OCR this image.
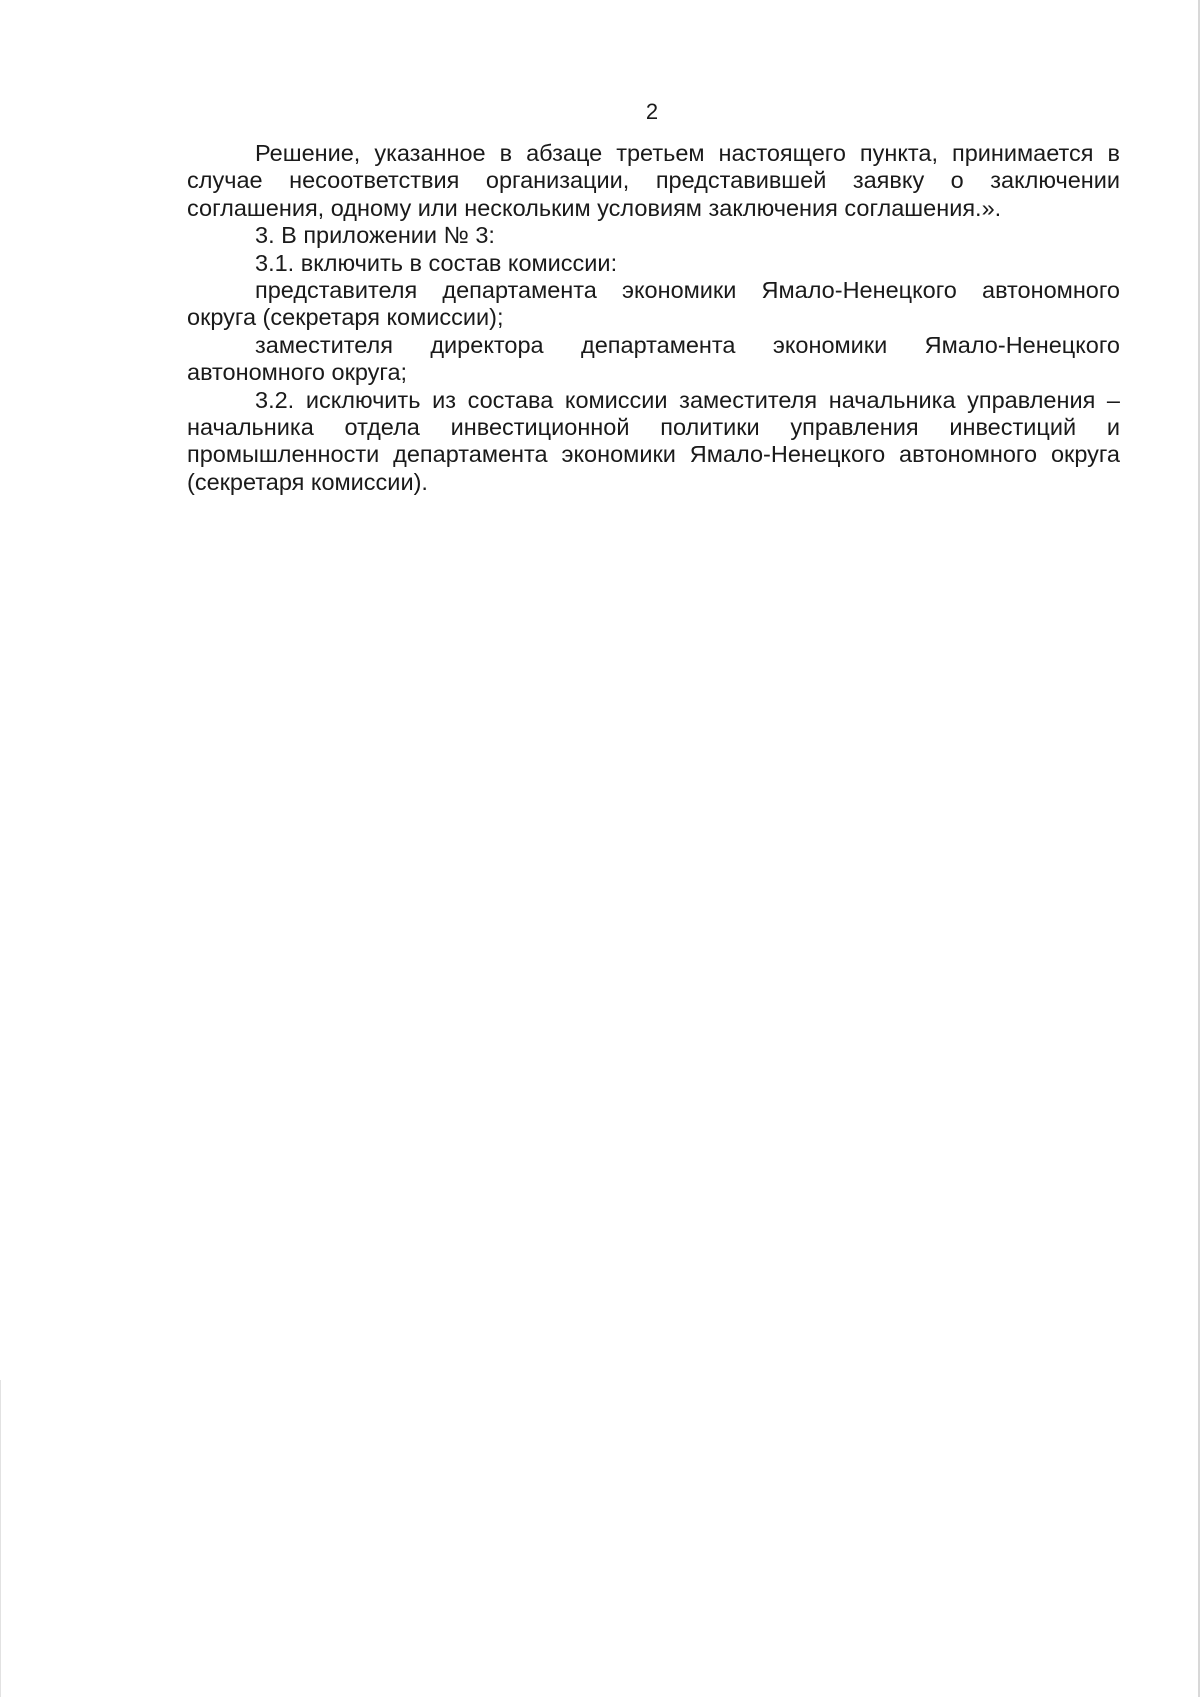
2

Решение, указанное в абзаце третьем настоящего пункта, принимается в случае несоответствия организации, представившей заявку о заключении соглашения, одному или нескольким условиям заключения соглашения.».

3. В приложении № 3:

3.1. включить в состав комиссии:

представителя департамента экономики Ямало-Ненецкого автономного округа (секретаря комиссии);

заместителя директора департамента экономики Ямало-Ненецкого автономного округа;

3.2. исключить из состава комиссии заместителя начальника управления – начальника отдела инвестиционной политики управления инвестиций и промышленности департамента экономики Ямало-Ненецкого автономного округа (секретаря комиссии).
